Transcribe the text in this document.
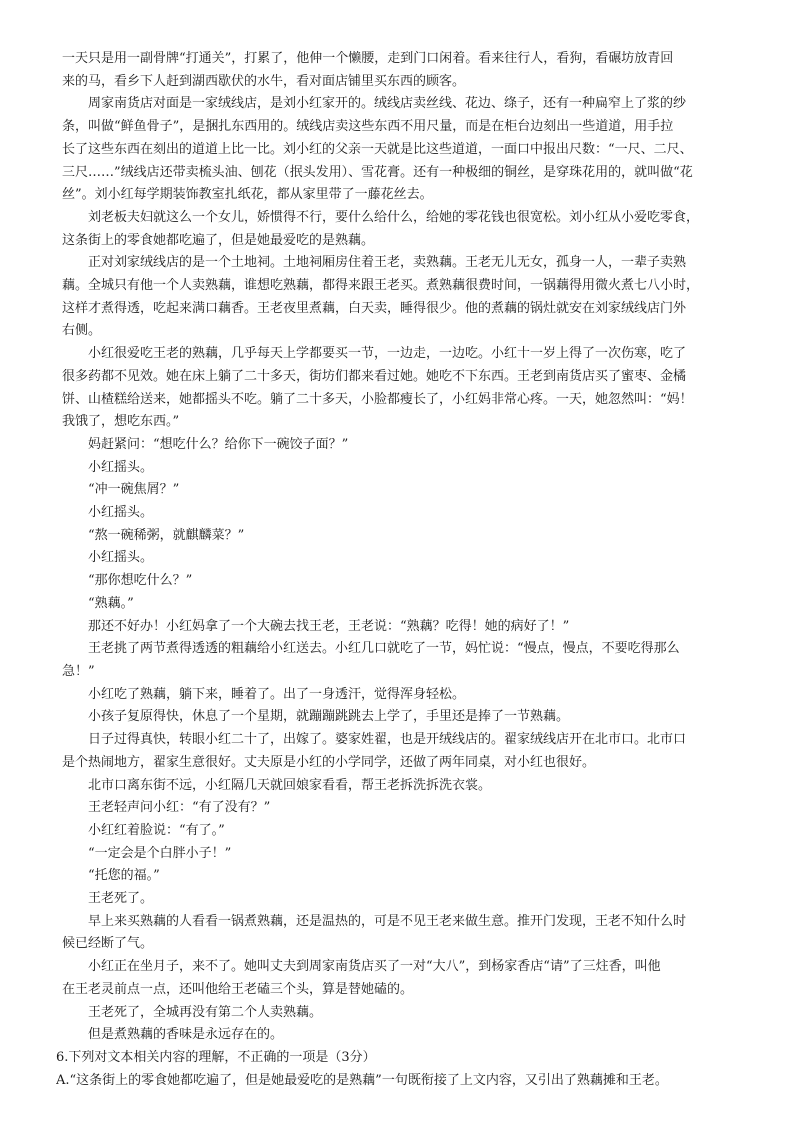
一天只是用一副骨牌“打通关”，打累了，他伸一个懒腰，走到门口闲着。看来往行人，看狗，看碾坊放青回

来的马，看乡下人赶到湖西歇伏的水牛，看对面店铺里买东西的顾客。

周家南货店对面是一家绒线店，是刘小红家开的。绒线店卖丝线、花边、绦子，还有一种扁窄上了浆的纱

条，叫做“鲜鱼骨子”，是捆扎东西用的。绒线店卖这些东西不用尺量，而是在柜台边刻出一些道道，用手拉

长了这些东西在刻出的道道上比一比。刘小红的父亲一天就是比这些道道，一面口中报出尺数：“一尺、二尺、

三尺……”绒线店还带卖梳头油、刨花（抿头发用）、雪花膏。还有一种极细的铜丝，是穿珠花用的，就叫做“花

丝”。刘小红每学期装饰教室扎纸花，都从家里带了一藤花丝去。

刘老板夫妇就这么一个女儿，娇惯得不行，要什么给什么，给她的零花钱也很宽松。刘小红从小爱吃零食，

这条街上的零食她都吃遍了，但是她最爱吃的是熟藕。

正对刘家绒线店的是一个土地祠。土地祠厢房住着王老，卖熟藕。王老无儿无女，孤身一人，一辈子卖熟

藕。全城只有他一个人卖熟藕，谁想吃熟藕，都得来跟王老买。煮熟藕很费时间，一锅藕得用微火煮七八小时，

这样才煮得透，吃起来满口藕香。王老夜里煮藕，白天卖，睡得很少。他的煮藕的锅灶就安在刘家绒线店门外

右侧。

小红很爱吃王老的熟藕，几乎每天上学都要买一节，一边走，一边吃。小红十一岁上得了一次伤寒，吃了

很多药都不见效。她在床上躺了二十多天，街坊们都来看过她。她吃不下东西。王老到南货店买了蜜枣、金橘

饼、山楂糕给送来，她都摇头不吃。躺了二十多天，小脸都瘦长了，小红妈非常心疼。一天，她忽然叫：“妈！

我饿了，想吃东西。”

妈赶紧问：“想吃什么？给你下一碗饺子面？”

小红摇头。

“冲一碗焦屑？”

小红摇头。

“熬一碗稀粥，就麒麟菜？”

小红摇头。

“那你想吃什么？”

“熟藕。”

那还不好办！小红妈拿了一个大碗去找王老，王老说：“熟藕？吃得！她的病好了！”

王老挑了两节煮得透透的粗藕给小红送去。小红几口就吃了一节，妈忙说：“慢点，慢点，不要吃得那么

急！”

小红吃了熟藕，躺下来，睡着了。出了一身透汗，觉得浑身轻松。

小孩子复原得快，休息了一个星期，就蹦蹦跳跳去上学了，手里还是捧了一节熟藕。

日子过得真快，转眼小红二十了，出嫁了。婆家姓翟，也是开绒线店的。翟家绒线店开在北市口。北市口

是个热闹地方，翟家生意很好。丈夫原是小红的小学同学，还做了两年同桌，对小红也很好。

北市口离东街不远，小红隔几天就回娘家看看，帮王老拆洗拆洗衣裳。

王老轻声问小红：“有了没有？”

小红红着脸说：“有了。”

“一定会是个白胖小子！”

“托您的福。”

王老死了。

早上来买熟藕的人看看一锅煮熟藕，还是温热的，可是不见王老来做生意。推开门发现，王老不知什么时

候已经断了气。

小红正在坐月子，来不了。她叫丈夫到周家南货店买了一对“大八”，到杨家香店“请”了三炷香，叫他

在王老灵前点一点，还叫他给王老磕三个头，算是替她磕的。

王老死了，全城再没有第二个人卖熟藕。

但是煮熟藕的香味是永远存在的。

6.下列对文本相关内容的理解，不正确的一项是（3分）

A.“这条街上的零食她都吃遍了，但是她最爱吃的是熟藕”一句既衔接了上文内容，又引出了熟藕摊和王老。
